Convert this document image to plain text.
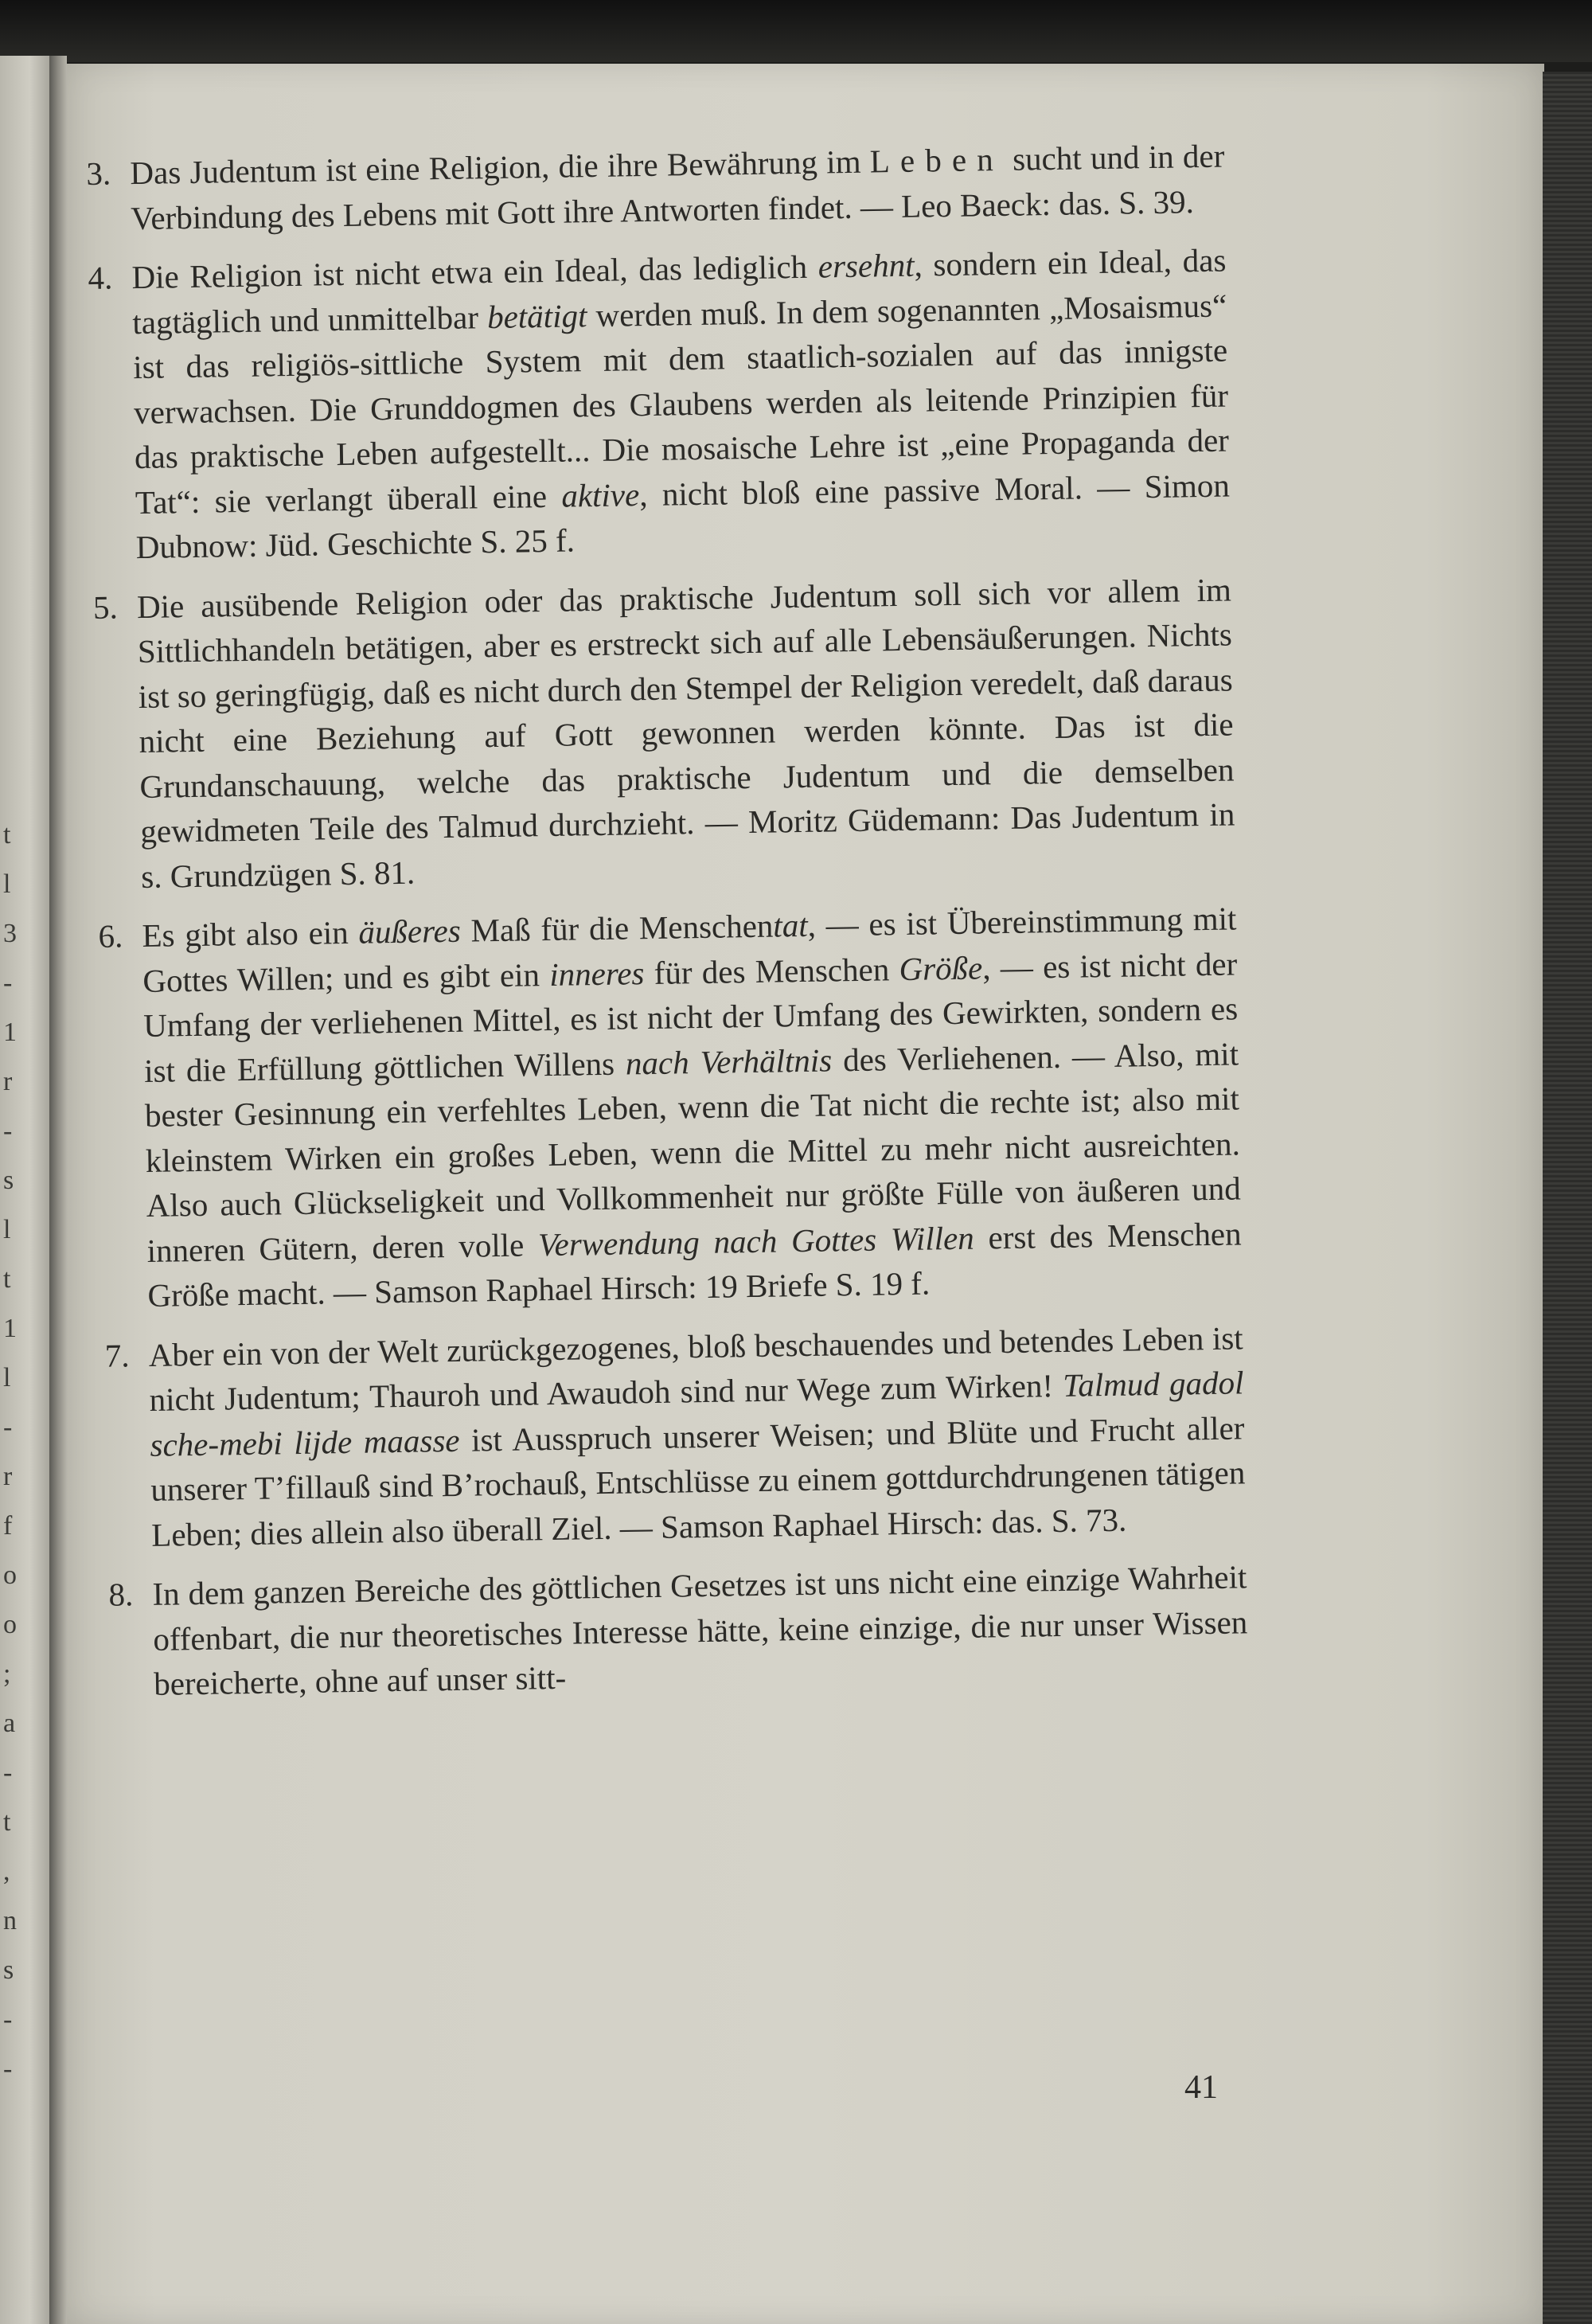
t
l
3
-
1
r
-
s
l
t
1
l
-
r
f
o
o
;
a
-
t
,
n
s
-
-

3. Das Judentum ist eine Religion, die ihre Bewährung im Leben sucht und in der Verbindung des Lebens mit Gott ihre Antworten findet. — Leo Baeck: das. S. 39.

4. Die Religion ist nicht etwa ein Ideal, das lediglich ersehnt, sondern ein Ideal, das tagtäglich und unmittelbar betätigt werden muß. In dem sogenannten „Mosaismus“ ist das religiös-sittliche System mit dem staatlich-sozialen auf das innigste verwachsen. Die Grunddogmen des Glaubens werden als leitende Prinzipien für das praktische Leben aufgestellt... Die mosaische Lehre ist „eine Propaganda der Tat“: sie verlangt überall eine aktive, nicht bloß eine passive Moral. — Simon Dubnow: Jüd. Geschichte S. 25 f.

5. Die ausübende Religion oder das praktische Judentum soll sich vor allem im Sittlichhandeln betätigen, aber es erstreckt sich auf alle Lebensäußerungen. Nichts ist so geringfügig, daß es nicht durch den Stempel der Religion veredelt, daß daraus nicht eine Beziehung auf Gott gewonnen werden könnte. Das ist die Grundanschauung, welche das praktische Judentum und die demselben gewidmeten Teile des Talmud durchzieht. — Moritz Güdemann: Das Judentum in s. Grundzügen S. 81.

6. Es gibt also ein äußeres Maß für die Menschentat, — es ist Übereinstimmung mit Gottes Willen; und es gibt ein inneres für des Menschen Größe, — es ist nicht der Umfang der verliehenen Mittel, es ist nicht der Umfang des Gewirkten, sondern es ist die Erfüllung göttlichen Willens nach Verhältnis des Verliehenen. — Also, mit bester Gesinnung ein verfehltes Leben, wenn die Tat nicht die rechte ist; also mit kleinstem Wirken ein großes Leben, wenn die Mittel zu mehr nicht ausreichten. Also auch Glückseligkeit und Vollkommenheit nur größte Fülle von äußeren und inneren Gütern, deren volle Verwendung nach Gottes Willen erst des Menschen Größe macht. — Samson Raphael Hirsch: 19 Briefe S. 19 f.

7. Aber ein von der Welt zurückgezogenes, bloß beschauendes und betendes Leben ist nicht Judentum; Thauroh und Awaudoh sind nur Wege zum Wirken! Talmud gadol sche-mebi lijde maasse ist Ausspruch unserer Weisen; und Blüte und Frucht aller unserer T’fillauß sind B’rochauß, Entschlüsse zu einem gottdurchdrungenen tätigen Leben; dies allein also überall Ziel. — Samson Raphael Hirsch: das. S. 73.

8. In dem ganzen Bereiche des göttlichen Gesetzes ist uns nicht eine einzige Wahrheit offenbart, die nur theoretisches Interesse hätte, keine einzige, die nur unser Wissen bereicherte, ohne auf unser sitt-

41
